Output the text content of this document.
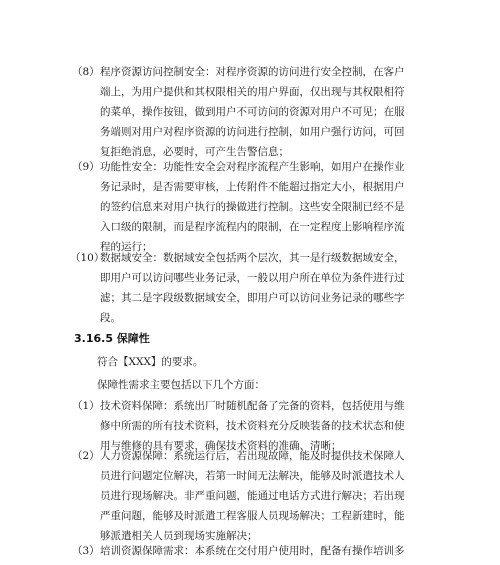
（8） 程序资源访问控制安全：对程序资源的访问进行安全控制，在客户
端上，为用户提供和其权限相关的用户界面，仅出现与其权限相符
的菜单，操作按钮，做到用户不可访问的资源对用户不可见；在服
务端则对用户对程序资源的访问进行控制，如用户强行访问，可回
复拒绝消息，必要时，可产生告警信息；
（9） 功能性安全：功能性安全会对程序流程产生影响，如用户在操作业
务记录时，是否需要审核，上传附件不能超过指定大小，根据用户
的签约信息来对用户执行的操做进行控制。这些安全限制已经不是
入口级的限制，而是程序流程内的限制，在一定程度上影响程序流
程的运行；
（10）
数据域安全：数据域安全包括两个层次，其一是行级数据域安全，
即用户可以访问哪些业务记录，一般以用户所在单位为条件进行过
滤；其二是字段级数据域安全，即用户可以访问业务记录的哪些字
段。
3.16.5 保障性
符合【XXX】的要求。
保障性需求主要包括以下几个方面：
（1） 技术资料保障：系统出厂时随机配备了完备的资料，包括使用与维
修中所需的所有技术资料，技术资料充分反映装备的技术状态和使
用与维修的具有要求，确保技术资料的准确、清晰；
（2） 人力资源保障：系统运行后，若出现故障，能及时提供技术保障人
员进行问题定位解决，若第一时间无法解决，能够及时派遣技术人
员进行现场解决。非严重问题，能通过电话方式进行解决；若出现
严重问题，能够及时派遣工程客服人员现场解决；工程新建时，能
够派遣相关人员到现场实施解决；
（3） 培训资源保障需求：本系统在交付用户使用时，配备有操作培训多
